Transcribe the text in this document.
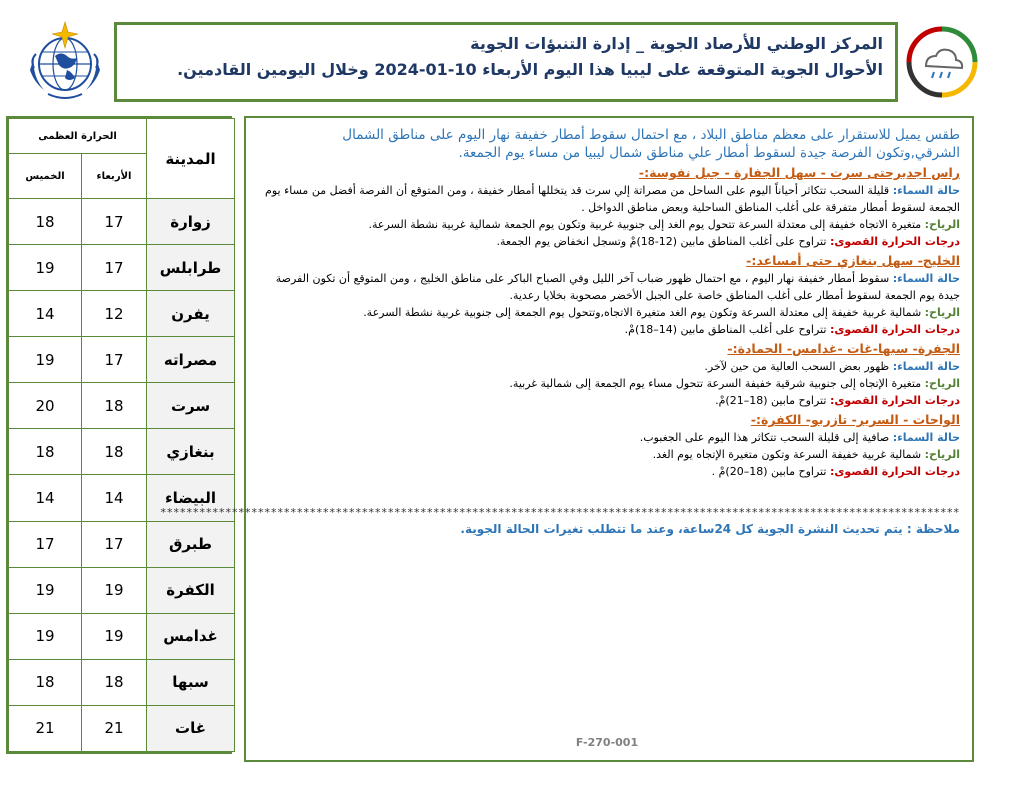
المركز الوطني للأرصاد الجوية _ إدارة التنبؤات الجوية
الأحوال الجوية المتوقعة على ليبيا هذا اليوم الأربعاء 10-01-2024 وخلال اليومين القادمين.
الحرارة العظمى		المدينة
الخميس	الأربعاء	
18	17	زوارة
19	17	طرابلس
14	12	يفرن
19	17	مصراته
20	18	سرت
18	18	بنغازي
14	14	البيضاء
17	17	طبرق
19	19	الكفرة
19	19	غدامس
18	18	سبها
21	21	غات
طقس يميل للاستقرار على معظم مناطق البلاد ، مع احتمال سقوط أمطار خفيفة نهار اليوم على مناطق الشمال الشرقي,وتكون الفرصة جيدة لسقوط أمطار علي مناطق شمال ليبيا من مساء يوم الجمعة.
راس اجديرحتى سرت - سهل الجفارة - جبل نفوسة:-
حالة السماء: قليلة السحب تتكاثر أحياناً اليوم على الساحل من مصراتة إلي سرت قد يتخللها أمطار خفيفة ، ومن المتوقع أن الفرصة أفضل من مساء يوم الجمعة لسقوط أمطار متفرقة على أغلب المناطق الساحلية وبعض مناطق الدواخل .
الرياح: متغيرة الاتجاه خفيفة إلى معتدلة السرعة تتحول يوم الغد إلى جنوبية غربية وتكون يوم الجمعة شمالية غربية نشطة السرعة.
درجات الحرارة القصوى: تتراوح على أغلب المناطق مابين (12-18)مْ وتسجل انخفاض يوم الجمعة.
الخليج- سهل بنغازي حتى أمساعد:-
حالة السماء: سقوط أمطار خفيفة نهار اليوم ، مع احتمال ظهور ضباب آخر الليل وفي الصباح الباكر على مناطق الخليج ، ومن المتوقع أن تكون الفرصة جيدة يوم الجمعة لسقوط أمطار على أغلب المناطق خاصة على الجبل الأخضر مصحوبة بخلايا رعدية.
الرياح: شمالية غربية خفيفة إلى معتدلة السرعة وتكون يوم الغد متغيرة الاتجاه,وتتحول يوم الجمعة إلى جنوبية غربية نشطة السرعة.
درجات الحرارة القصوى: تتراوح على أغلب المناطق مابين (14–18)مْ.
الجفرة- سبها-غات -غدامس- الحمادة:-
حالة السماء: ظهور بعض السحب العالية من حين لآخر.
الرياح: متغيرة الإتجاه إلى جنوبية شرقية خفيفة السرعة تتحول مساء يوم الجمعة إلى شمالية غربية.
درجات الحرارة القصوى: تتراوح مابين (18–21)مْ.
الواحات - السرير- تازربو- الكفرة:-
حالة السماء: صافية إلى قليلة السحب تتكاثر هذا اليوم على الجغبوب.
الرياح: شمالية غربية خفيفة السرعة وتكون متغيرة الإتجاه يوم الغد.
درجات الحرارة القصوى: تتراوح مابين (18–20)مْ .
***************************************************************************************************************************
ملاحظة : يتم تحديث النشرة الجوية كل 24ساعة، وعند ما تتطلب تغيرات الحالة الجوية.
F-270-001
